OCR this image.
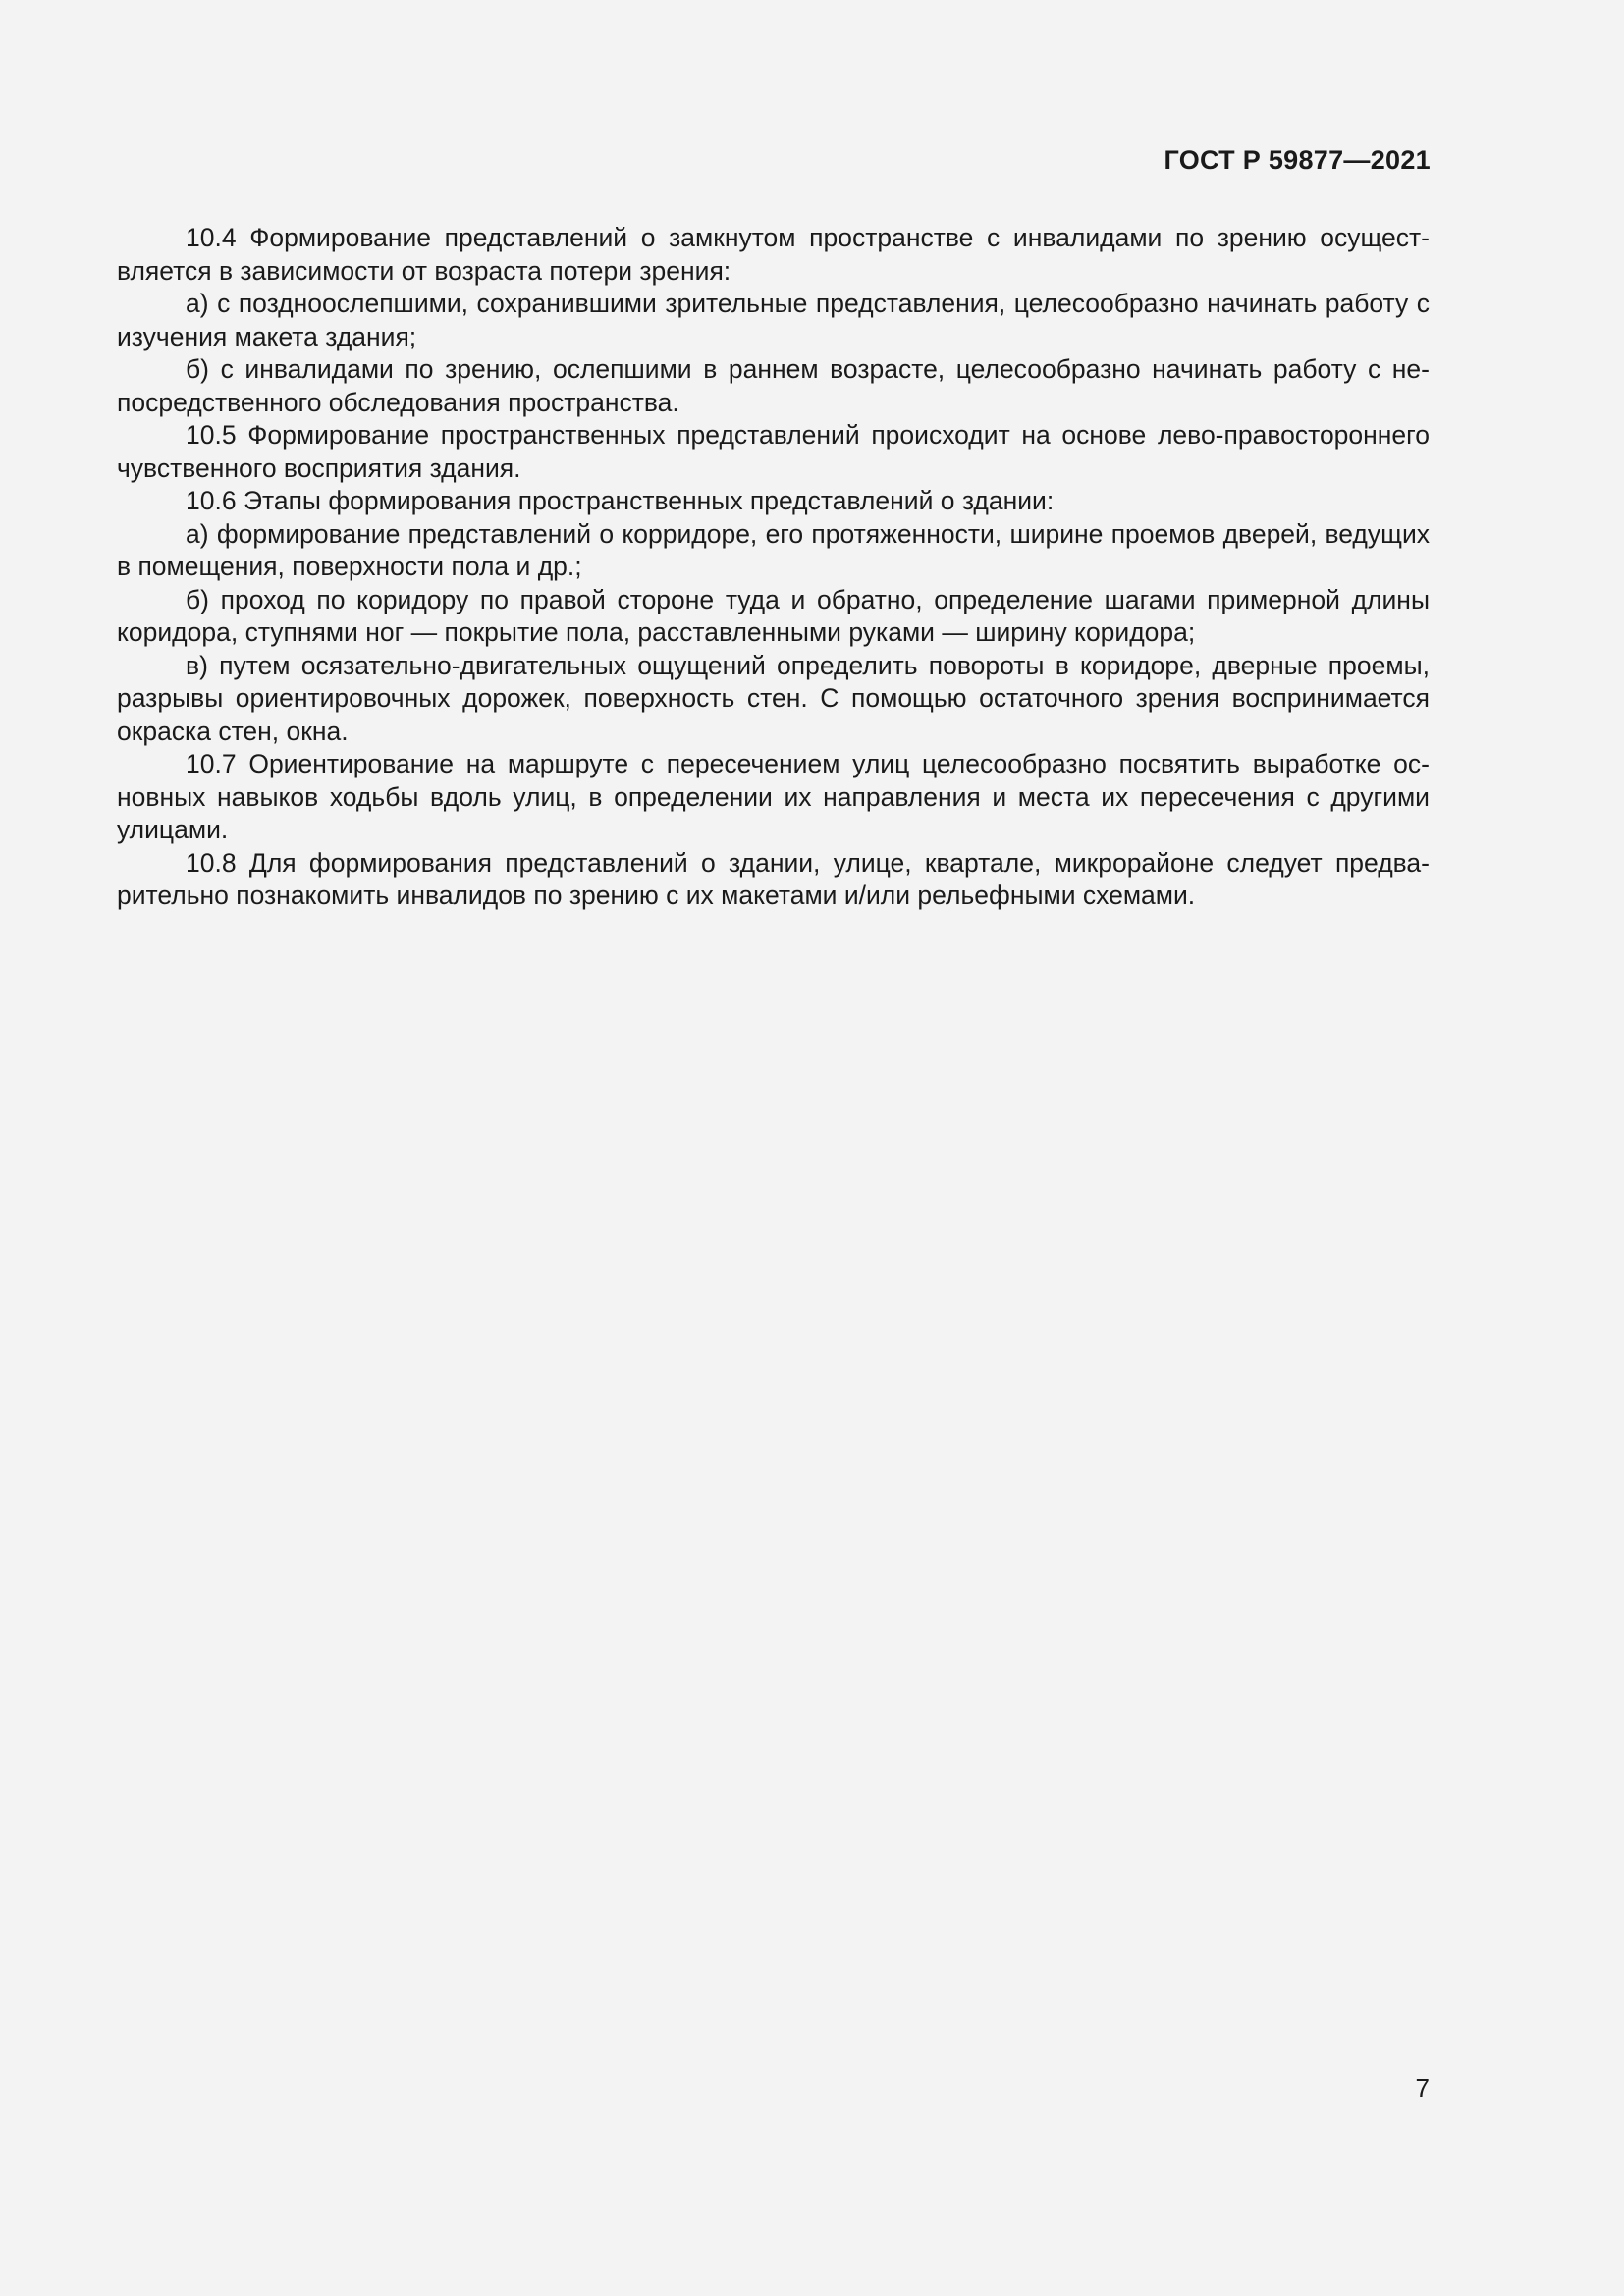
ГОСТ Р 59877—2021

10.4 Формирование представлений о замкнутом пространстве с инвалидами по зрению осуществляется в зависимости от возраста потери зрения:

а) с поздноослепшими, сохранившими зрительные представления, целесообразно начинать работу с изучения макета здания;

б) с инвалидами по зрению, ослепшими в раннем возрасте, целесообразно начинать работу с непосредственного обследования пространства.

10.5 Формирование пространственных представлений происходит на основе лево-правостороннего чувственного восприятия здания.

10.6 Этапы формирования пространственных представлений о здании:

а) формирование представлений о корридоре, его протяженности, ширине проемов дверей, ведущих в помещения, поверхности пола и др.;

б) проход по коридору по правой стороне туда и обратно, определение шагами примерной длины коридора, ступнями ног — покрытие пола, расставленными руками — ширину коридора;

в) путем осязательно-двигательных ощущений определить повороты в коридоре, дверные проемы, разрывы ориентировочных дорожек, поверхность стен. С помощью остаточного зрения воспринимается окраска стен, окна.

10.7 Ориентирование на маршруте с пересечением улиц целесообразно посвятить выработке основных навыков ходьбы вдоль улиц, в определении их направления и места их пересечения с другими улицами.

10.8 Для формирования представлений о здании, улице, квартале, микрорайоне следует предварительно познакомить инвалидов по зрению с их макетами и/или рельефными схемами.

7
